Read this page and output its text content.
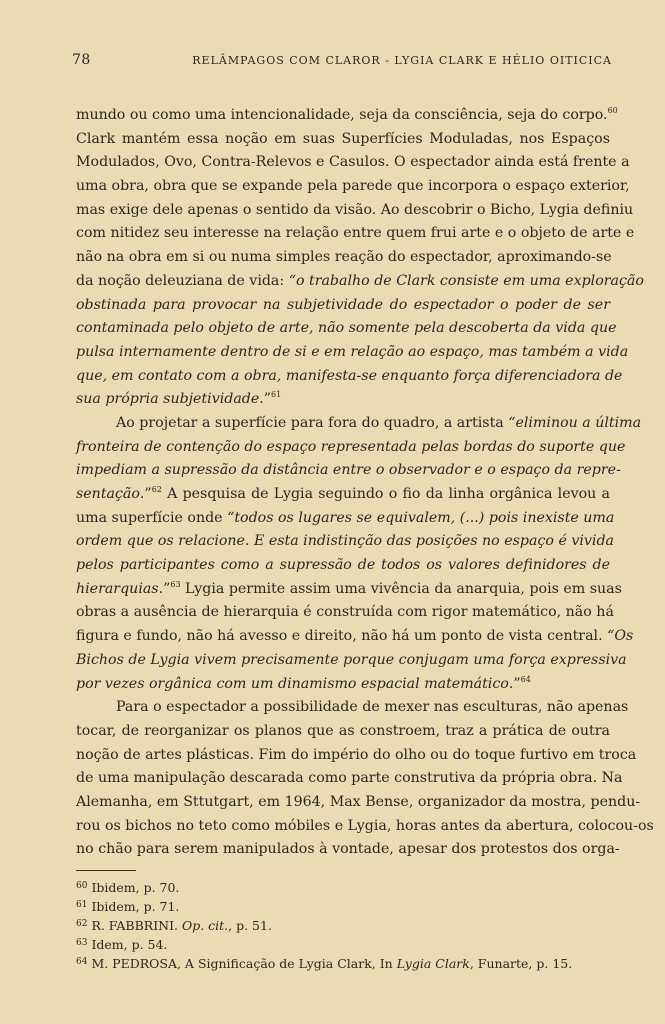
78	RELÂMPAGOS COM CLAROR - LYGIA CLARK E HÉLIO OITICICA
mundo ou como uma intencionalidade, seja da consciência, seja do corpo.$^{60}$
Clark mantém essa noção em suas Superfícies Moduladas, nos Espaços
Modulados, Ovo, Contra-Relevos e Casulos. O espectador ainda está frente a
uma obra, obra que se expande pela parede que incorpora o espaço exterior,
mas exige dele apenas o sentido da visão. Ao descobrir o Bicho, Lygia definiu
com nitidez seu interesse na relação entre quem frui arte e o objeto de arte e
não na obra em si ou numa simples reação do espectador, aproximando-se
da noção deleuziana de vida: “o trabalho de Clark consiste em uma exploração
obstinada para provocar na subjetividade do espectador o poder de ser
contaminada pelo objeto de arte, não somente pela descoberta da vida que
pulsa internamente dentro de si e em relação ao espaço, mas também a vida
que, em contato com a obra, manifesta-se enquanto força diferenciadora de
sua própria subjetividade.”$^{61}$
Ao projetar a superfície para fora do quadro, a artista “eliminou a última
fronteira de contenção do espaço representada pelas bordas do suporte que
impediam a supressão da distância entre o observador e o espaço da repre-
sentação.”$^{62}$ A pesquisa de Lygia seguindo o fio da linha orgânica levou a
uma superfície onde “todos os lugares se equivalem, (...) pois inexiste uma
ordem que os relacione. E esta indistinção das posições no espaço é vivida
pelos participantes como a supressão de todos os valores definidores de
hierarquias.”$^{63}$ Lygia permite assim uma vivência da anarquia, pois em suas
obras a ausência de hierarquia é construída com rigor matemático, não há
figura e fundo, não há avesso e direito, não há um ponto de vista central. “Os
Bichos de Lygia vivem precisamente porque conjugam uma força expressiva
por vezes orgânica com um dinamismo espacial matemático.”$^{64}$
Para o espectador a possibilidade de mexer nas esculturas, não apenas
tocar, de reorganizar os planos que as constroem, traz a prática de outra
noção de artes plásticas. Fim do império do olho ou do toque furtivo em troca
de uma manipulação descarada como parte construtiva da própria obra. Na
Alemanha, em Sttutgart, em 1964, Max Bense, organizador da mostra, pendu-
rou os bichos no teto como móbiles e Lygia, horas antes da abertura, colocou-os
no chão para serem manipulados à vontade, apesar dos protestos dos orga-
$^{60}$ Ibidem, p. 70.
$^{61}$ Ibidem, p. 71.
$^{62}$ R. FABBRINI. Op. cit., p. 51.
$^{63}$ Idem, p. 54.
$^{64}$ M. PEDROSA, A Significação de Lygia Clark, In Lygia Clark, Funarte, p. 15.
